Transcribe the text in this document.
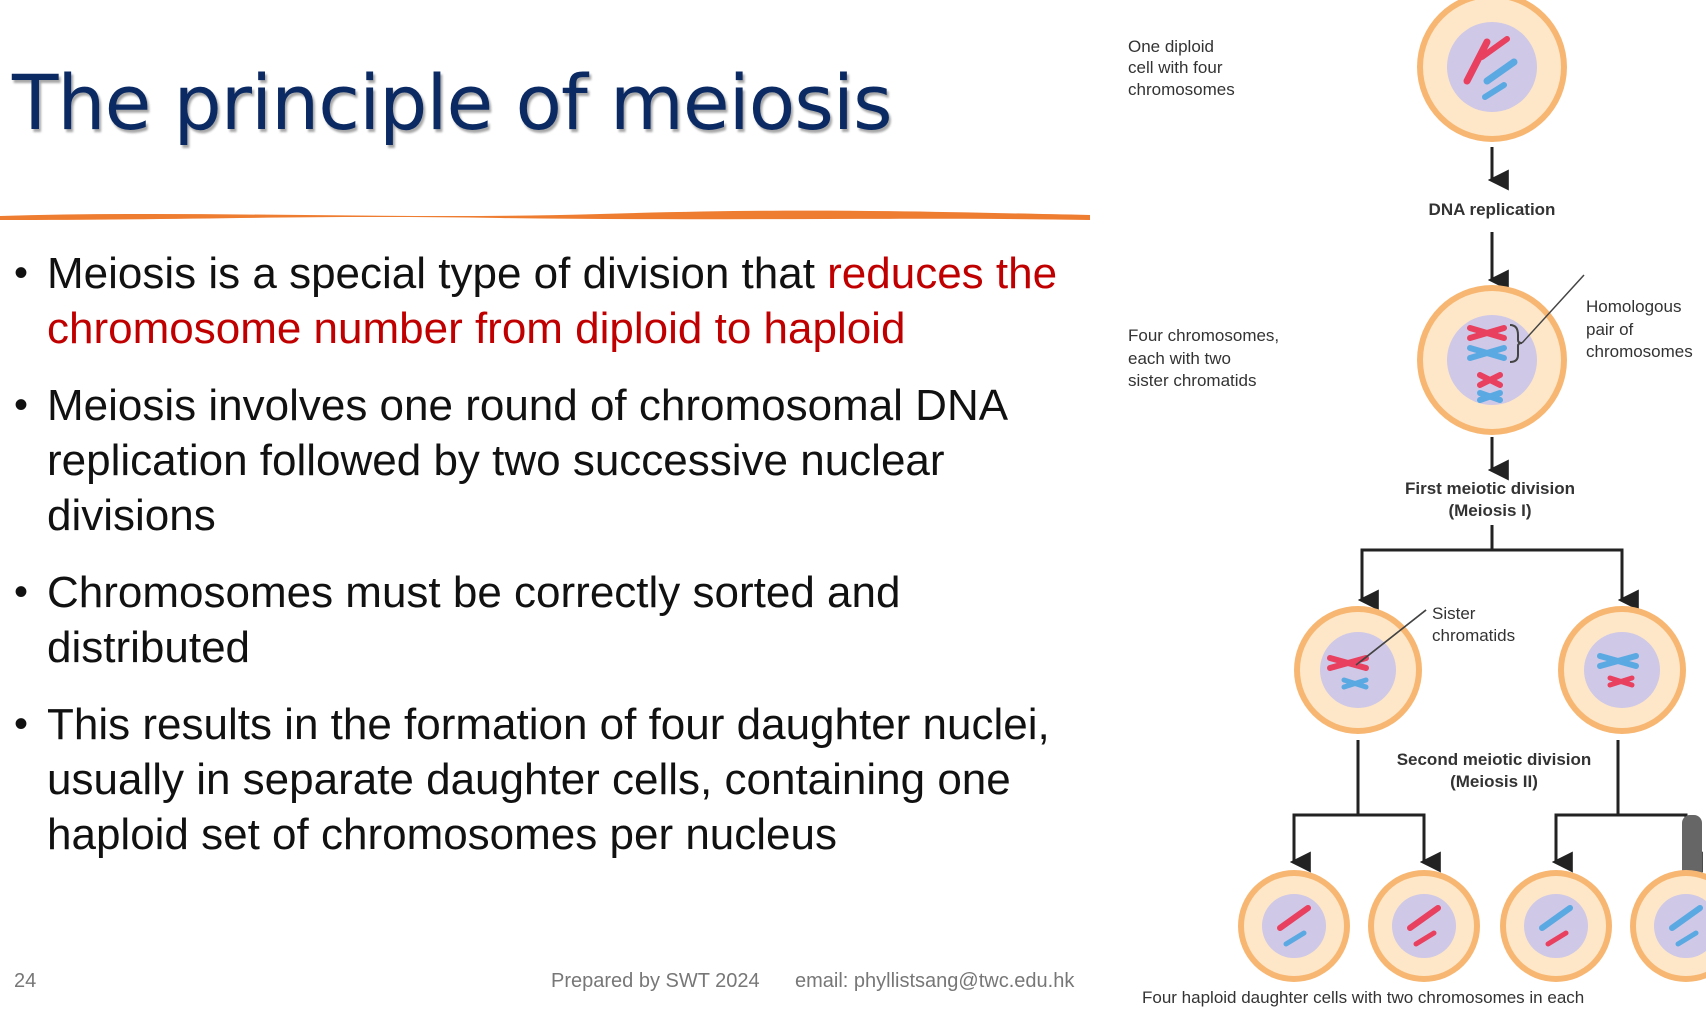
The principle of meiosis
• Meiosis is a special type of division that reduces the chromosome number from diploid to haploid
• Meiosis involves one round of chromosomal DNA replication followed by two successive nuclear divisions
• Chromosomes must be correctly sorted and distributed
• This results in the formation of four daughter nuclei, usually in separate daughter cells, containing one haploid set of chromosomes per nucleus
24	Prepared by SWT 2024 email: phyllistsang@twc.edu.hk
One diploid
cell with four
chromosomes
DNA replication
Four chromosomes,
each with two
sister chromatids
Homologous
pair of
chromosomes
First meiotic division
(Meiosis I)
Sister
chromatids
Second meiotic division
(Meiosis II)
Four haploid daughter cells with two chromosomes in each
